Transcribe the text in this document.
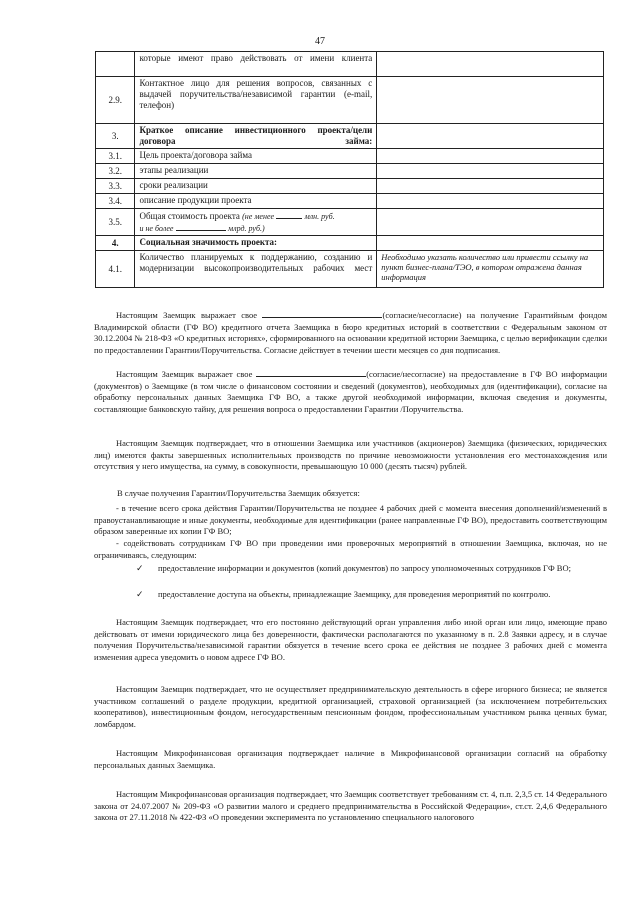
47
	которые имеют право действовать от имени клиента	
2.9.	Контактное лицо для решения вопросов, связанных с выдачей поручительства/независимой гарантии (e-mail, телефон)	
3.	Краткое описание инвестиционного проекта/цели договора займа:	
3.1.	Цель проекта/договора займа	
3.2.	этапы реализации	
3.3.	сроки реализации	
3.4.	описание продукции проекта	
3.5.	Общая стоимость проекта (не менее млн. руб.
и не более млрд. руб.)	
4.	Социальная значимость проекта:	
4.1.	Количество планируемых к поддержанию, созданию и модернизации высокопроизводительных рабочих мест	Необходимо указать количество или привести ссылку на пункт бизнес-плана/ТЭО, в котором отражена данная информация

Настоящим Заемщик выражает свое	(согласие/несогласие) на получение Гарантийным фондом Владимирской области (ГФ ВО) кредитного отчета Заемщика в бюро кредитных историй в соответствии с Федеральным законом от 30.12.2004 № 218-ФЗ «О кредитных историях», сформированного на основании кредитной истории Заемщика, с целью верификации сделки по предоставлении Гарантии/Поручительства. Согласие действует в течении шести месяцев со дня подписания.

Настоящим Заемщик выражает свое	(согласие/несогласие) на предоставление в ГФ ВО информации (документов) о Заемщике (в том числе о финансовом состоянии и сведений (документов), необходимых для (идентификации), согласие на обработку персональных данных Заемщика ГФ ВО, а также другой необходимой информации, включая сведения и документы, составляющие банковскую тайну, для решения вопроса о предоставлении Гарантии /Поручительства.

Настоящим Заемщик подтверждает, что в отношении Заемщика или участников (акционеров) Заемщика (физических, юридических лиц) имеются факты завершенных исполнительных производств по причине невозможности установления его местонахождения или отсутствия у него имущества, на сумму, в совокупности, превышающую 10 000 (десять тысяч) рублей.

В случае получения Гарантии/Поручительства Заемщик обязуется:

- в течение всего срока действия Гарантии/Поручительства не позднее 4 рабочих дней с момента внесения дополнений/изменений в правоустанавливающие и иные документы, необходимые для идентификации (ранее направленные ГФ ВО), предоставить соответствующим образом заверенные их копии ГФ ВО;

- содействовать сотрудникам ГФ ВО при проведении ими проверочных мероприятий в отношении Заемщика, включая, но не ограничиваясь, следующим:

✓ предоставление информации и документов (копий документов) по запросу уполномоченных сотрудников ГФ ВО;
✓ предоставление доступа на объекты, принадлежащие Заемщику, для проведения мероприятий по контролю.

Настоящим Заемщик подтверждает, что его постоянно действующий орган управления либо иной орган или лицо, имеющие право действовать от имени юридического лица без доверенности, фактически располагаются по указанному в п. 2.8 Заявки адресу, и в случае получения Поручительства/независимой гарантии обязуется в течение всего срока ее действия не позднее 3 рабочих дней с момента изменения адреса уведомить о новом адресе ГФ ВО.

Настоящим Заемщик подтверждает, что не осуществляет предпринимательскую деятельность в сфере игорного бизнеса; не является участником соглашений о разделе продукции, кредитной организацией, страховой организацией (за исключением потребительских кооперативов), инвестиционным фондом, негосударственным пенсионным фондом, профессиональным участником рынка ценных бумаг, ломбардом.

Настоящим Микрофинансовая организация подтверждает наличие в Микрофинансовой организации согласий на обработку персональных данных Заемщика.

Настоящим Микрофинансовая организация подтверждает, что Заемщик соответствует требованиям ст. 4, п.п. 2,3,5 ст. 14 Федерального закона от 24.07.2007 № 209-ФЗ «О развитии малого и среднего предпринимательства в Российской Федерации», ст.ст. 2,4,6 Федерального закона от 27.11.2018 № 422-ФЗ «О проведении эксперимента по установлению специального налогового
